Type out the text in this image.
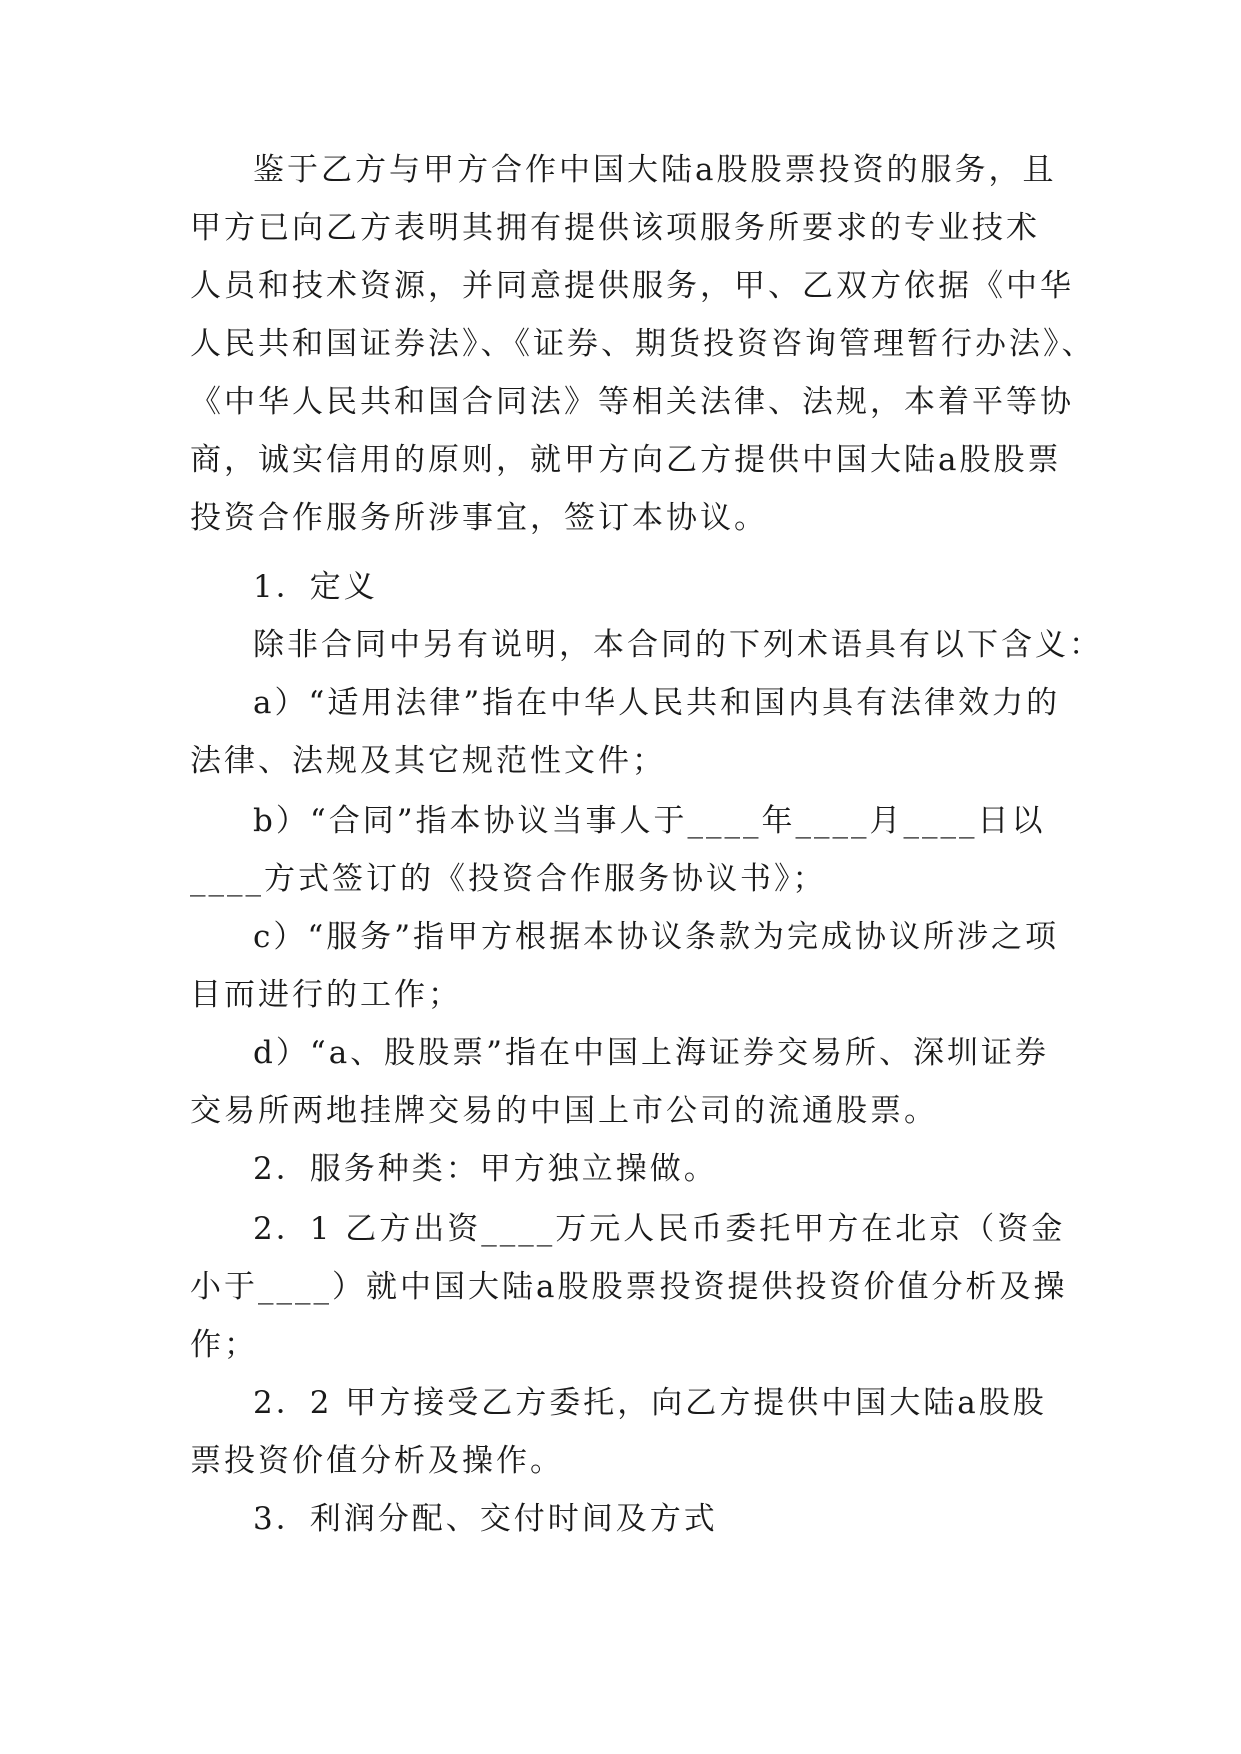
鉴于乙方与甲方合作中国大陆a股股票投资的服务，且
甲方已向乙方表明其拥有提供该项服务所要求的专业技术
人员和技术资源，并同意提供服务，甲、乙双方依据《中华
人民共和国证券法》、《证券、期货投资咨询管理暂行办法》、
《中华人民共和国合同法》等相关法律、法规，本着平等协
商，诚实信用的原则，就甲方向乙方提供中国大陆a股股票
投资合作服务所涉事宜，签订本协议。
1．定义
除非合同中另有说明，本合同的下列术语具有以下含义：
a）“适用法律”指在中华人民共和国内具有法律效力的
法律、法规及其它规范性文件；
b）“合同”指本协议当事人于____年____月____日以
____方式签订的《投资合作服务协议书》；
c）“服务”指甲方根据本协议条款为完成协议所涉之项
目而进行的工作；
d）“a、股股票”指在中国上海证券交易所、深圳证券
交易所两地挂牌交易的中国上市公司的流通股票。
2．服务种类：甲方独立操做。
2．1 乙方出资____万元人民币委托甲方在北京（资金
小于____）就中国大陆a股股票投资提供投资价值分析及操
作；
2．2 甲方接受乙方委托，向乙方提供中国大陆a股股
票投资价值分析及操作。
3．利润分配、交付时间及方式
